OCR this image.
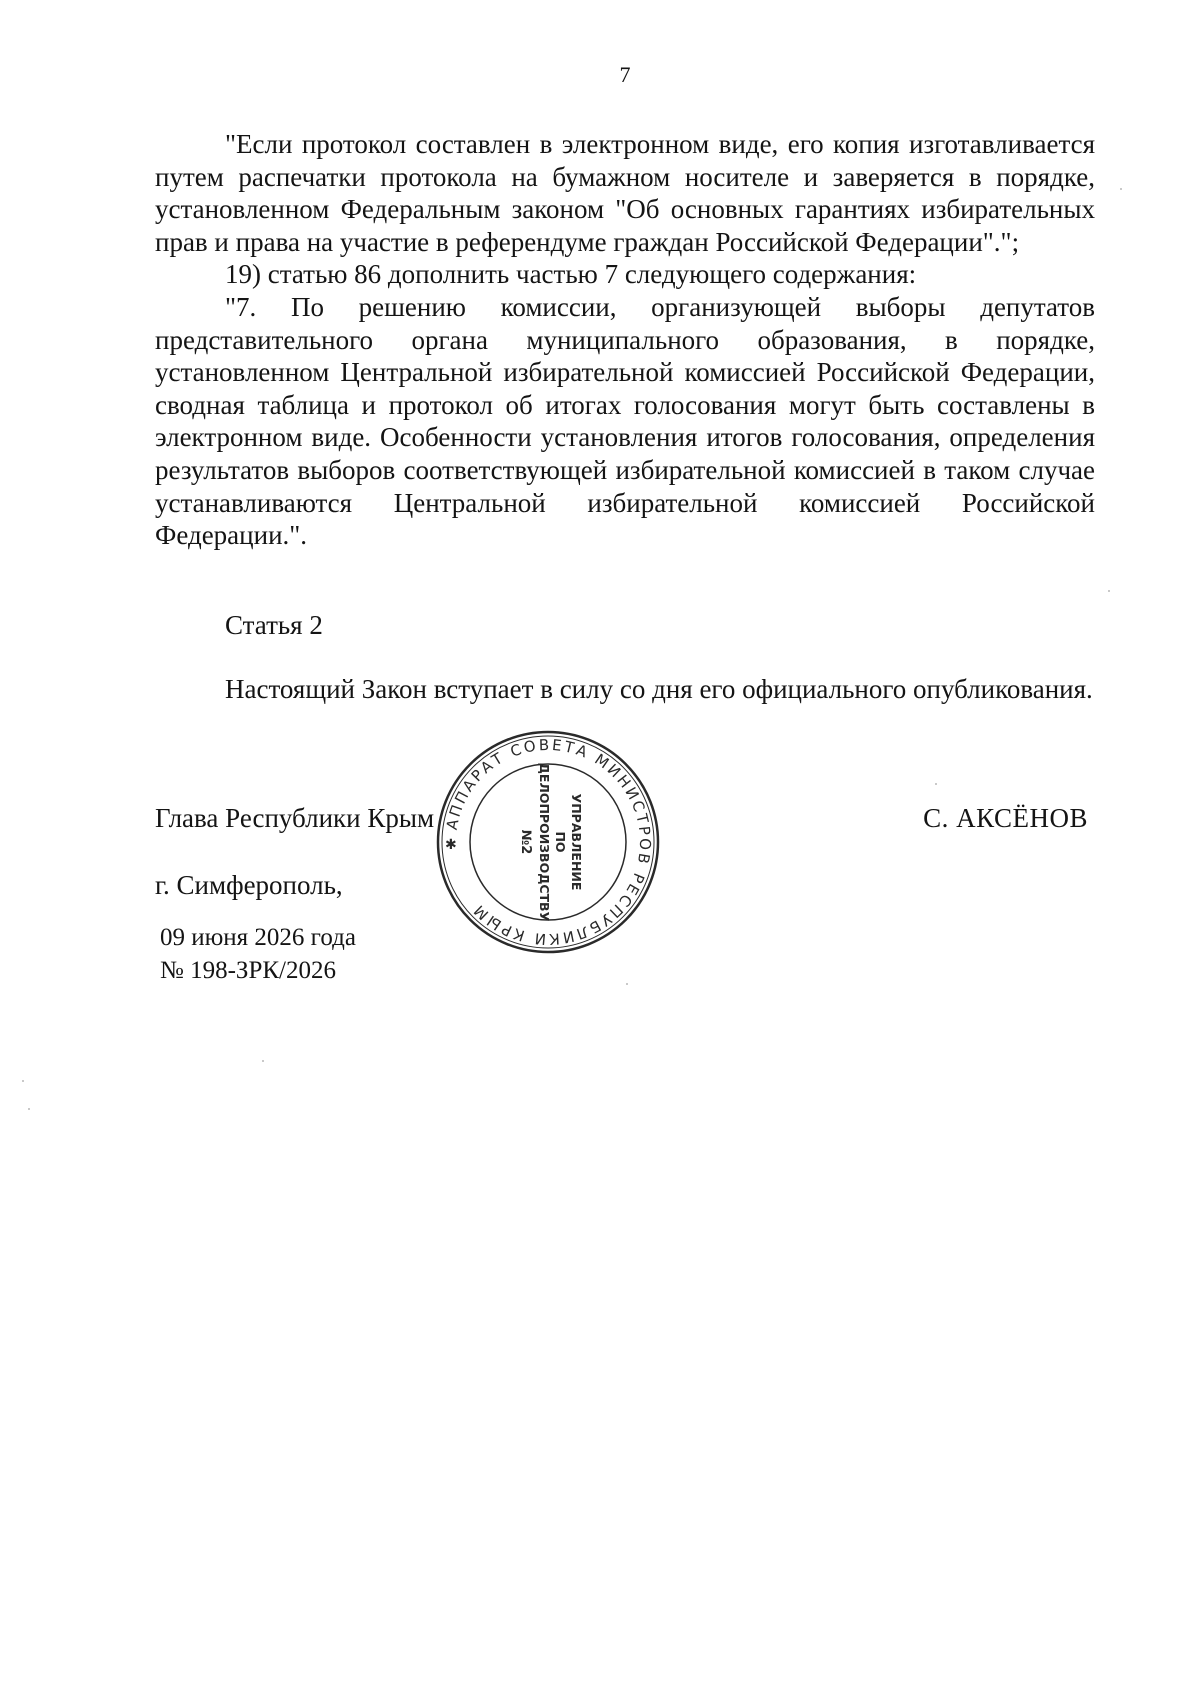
7

"Если протокол составлен в электронном виде, его копия изготавливается путем распечатки протокола на бумажном носителе и заверяется в порядке, установленном Федеральным законом "Об основных гарантиях избирательных прав и права на участие в референдуме граждан Российской Федерации".";

19) статью 86 дополнить частью 7 следующего содержания:

"7. По решению комиссии, организующей выборы депутатов представительного органа муниципального образования, в порядке, установленном Центральной избирательной комиссией Российской Федерации, сводная таблица и протокол об итогах голосования могут быть составлены в электронном виде. Особенности установления итогов голосования, определения результатов выборов соответствующей избирательной комиссией в таком случае устанавливаются Центральной избирательной комиссией Российской Федерации.".

Статья 2
Настоящий Закон вступает в силу со дня его официального опубликования.
Глава Республики Крым	С. АКСЁНОВ
г. Симферополь,
09 июня 2026 года
№ 198-ЗРК/2026
АППАРАТ СОВЕТА МИНИСТРОВ РЕСПУБЛИКИ КРЫМ
✱	УПРАВЛЕНИЕ
ПО
ДЕЛОПРОИЗВОДСТВУ
№2
